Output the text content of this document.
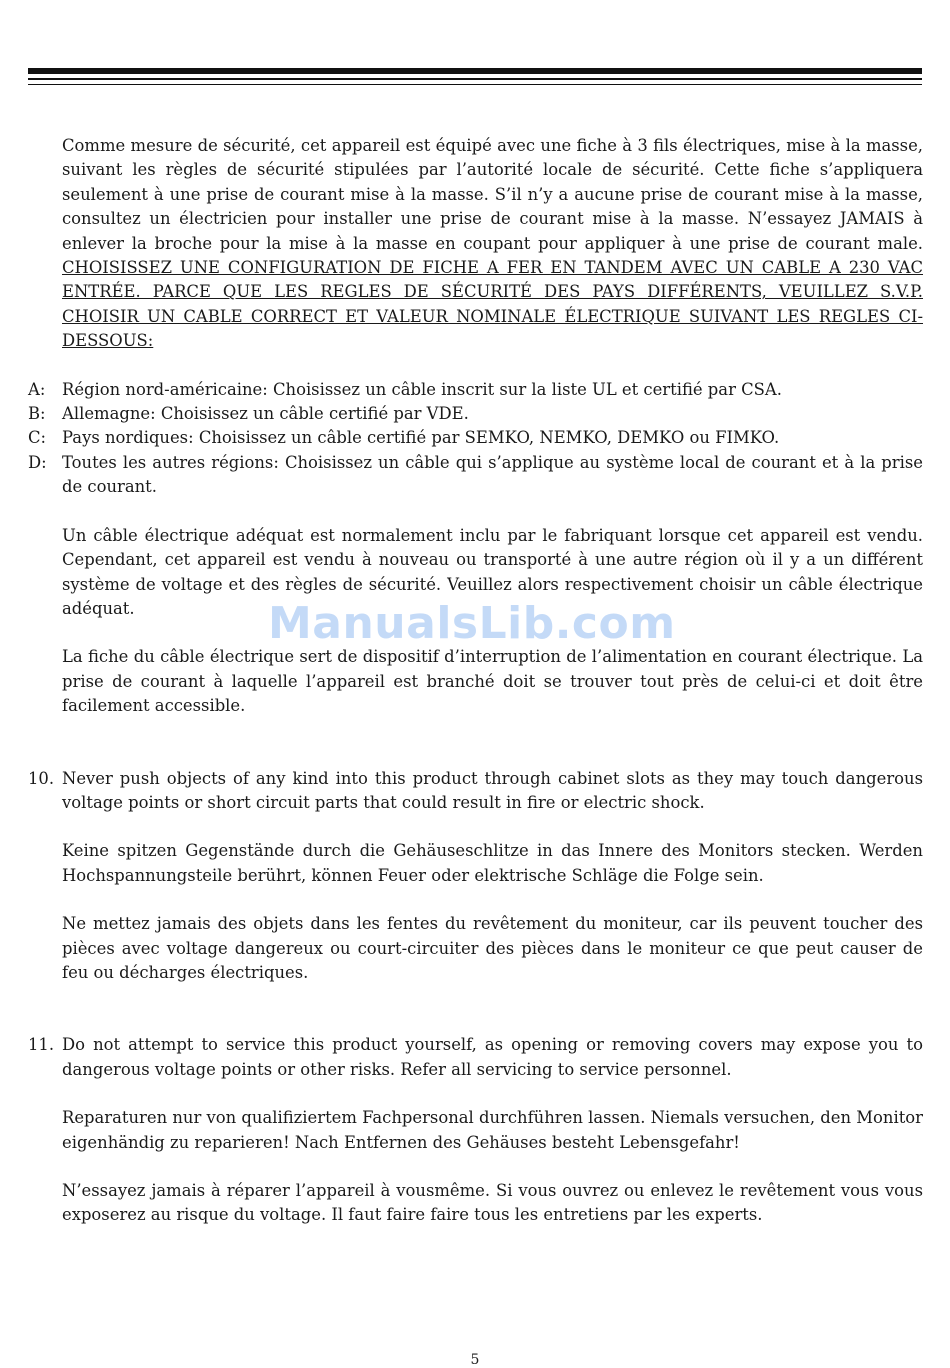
Comme mesure de sécurité, cet appareil est équipé avec une fiche à 3 fils électriques, mise à la masse, suivant les règles de sécurité stipulées par l’autorité locale de sécurité. Cette fiche s’appliquera seulement à une prise de courant mise à la masse. S’il n’y a aucune prise de courant mise à la masse, consultez un électricien pour installer une prise de courant mise à la masse. N’essayez JAMAIS à enlever la broche pour la mise à la masse en coupant pour appliquer à une prise de courant male. CHOISISSEZ UNE CONFIGURATION DE FICHE A FER EN TANDEM AVEC UN CABLE A 230 VAC ENTRÉE. PARCE QUE LES REGLES DE SÉCURITÉ DES PAYS DIFFÉRENTS, VEUILLEZ S.V.P. CHOISIR UN CABLE CORRECT ET VALEUR NOMINALE ÉLECTRIQUE SUIVANT LES REGLES CI-DESSOUS:

A:	Région nord-américaine: Choisissez un câble inscrit sur la liste UL et certifié par CSA.

B:	Allemagne: Choisissez un câble certifié par VDE.

C: Pays nordiques: Choisissez un câble certifié par SEMKO, NEMKO, DEMKO ou FIMKO.

D: Toutes les autres régions: Choisissez un câble qui s’applique au système local de courant et à la prise de courant.

Un câble électrique adéquat est normalement inclu par le fabriquant lorsque cet appareil est vendu. Cependant, cet appareil est vendu à nouveau ou transporté à une autre région où il y a un différent système de voltage et des règles de sécurité. Veuillez alors respectivement choisir un câble électrique adéquat.

La fiche du câble électrique sert de dispositif d’interruption de l’alimentation en courant électrique. La prise de courant à laquelle l’appareil est branché doit se trouver tout près de celui-ci et doit être facilement accessible.

10. Never push objects of any kind into this product through cabinet slots as they may touch dangerous voltage points or short circuit parts that could result in fire or electric shock.

Keine spitzen Gegenstände durch die Gehäuseschlitze in das Innere des Monitors stecken. Werden Hochspannungsteile berührt, können Feuer oder elektrische Schläge die Folge sein.

Ne mettez jamais des objets dans les fentes du revêtement du moniteur, car ils peuvent toucher des pièces avec voltage dangereux ou court-circuiter des pièces dans le moniteur ce que peut causer de feu ou décharges électriques.

11. Do not attempt to service this product yourself, as opening or removing covers may expose you to dangerous voltage points or other risks. Refer all servicing to service personnel.

Reparaturen nur von qualifiziertem Fachpersonal durchführen lassen. Niemals versuchen, den Monitor eigenhändig zu reparieren! Nach Entfernen des Gehäuses besteht Lebensgefahr!

N’essayez jamais à réparer l’appareil à vousmême. Si vous ouvrez ou enlevez le revêtement vous vous exposerez au risque du voltage. Il faut faire faire tous les entretiens par les experts.

ManualsLib.com
5
